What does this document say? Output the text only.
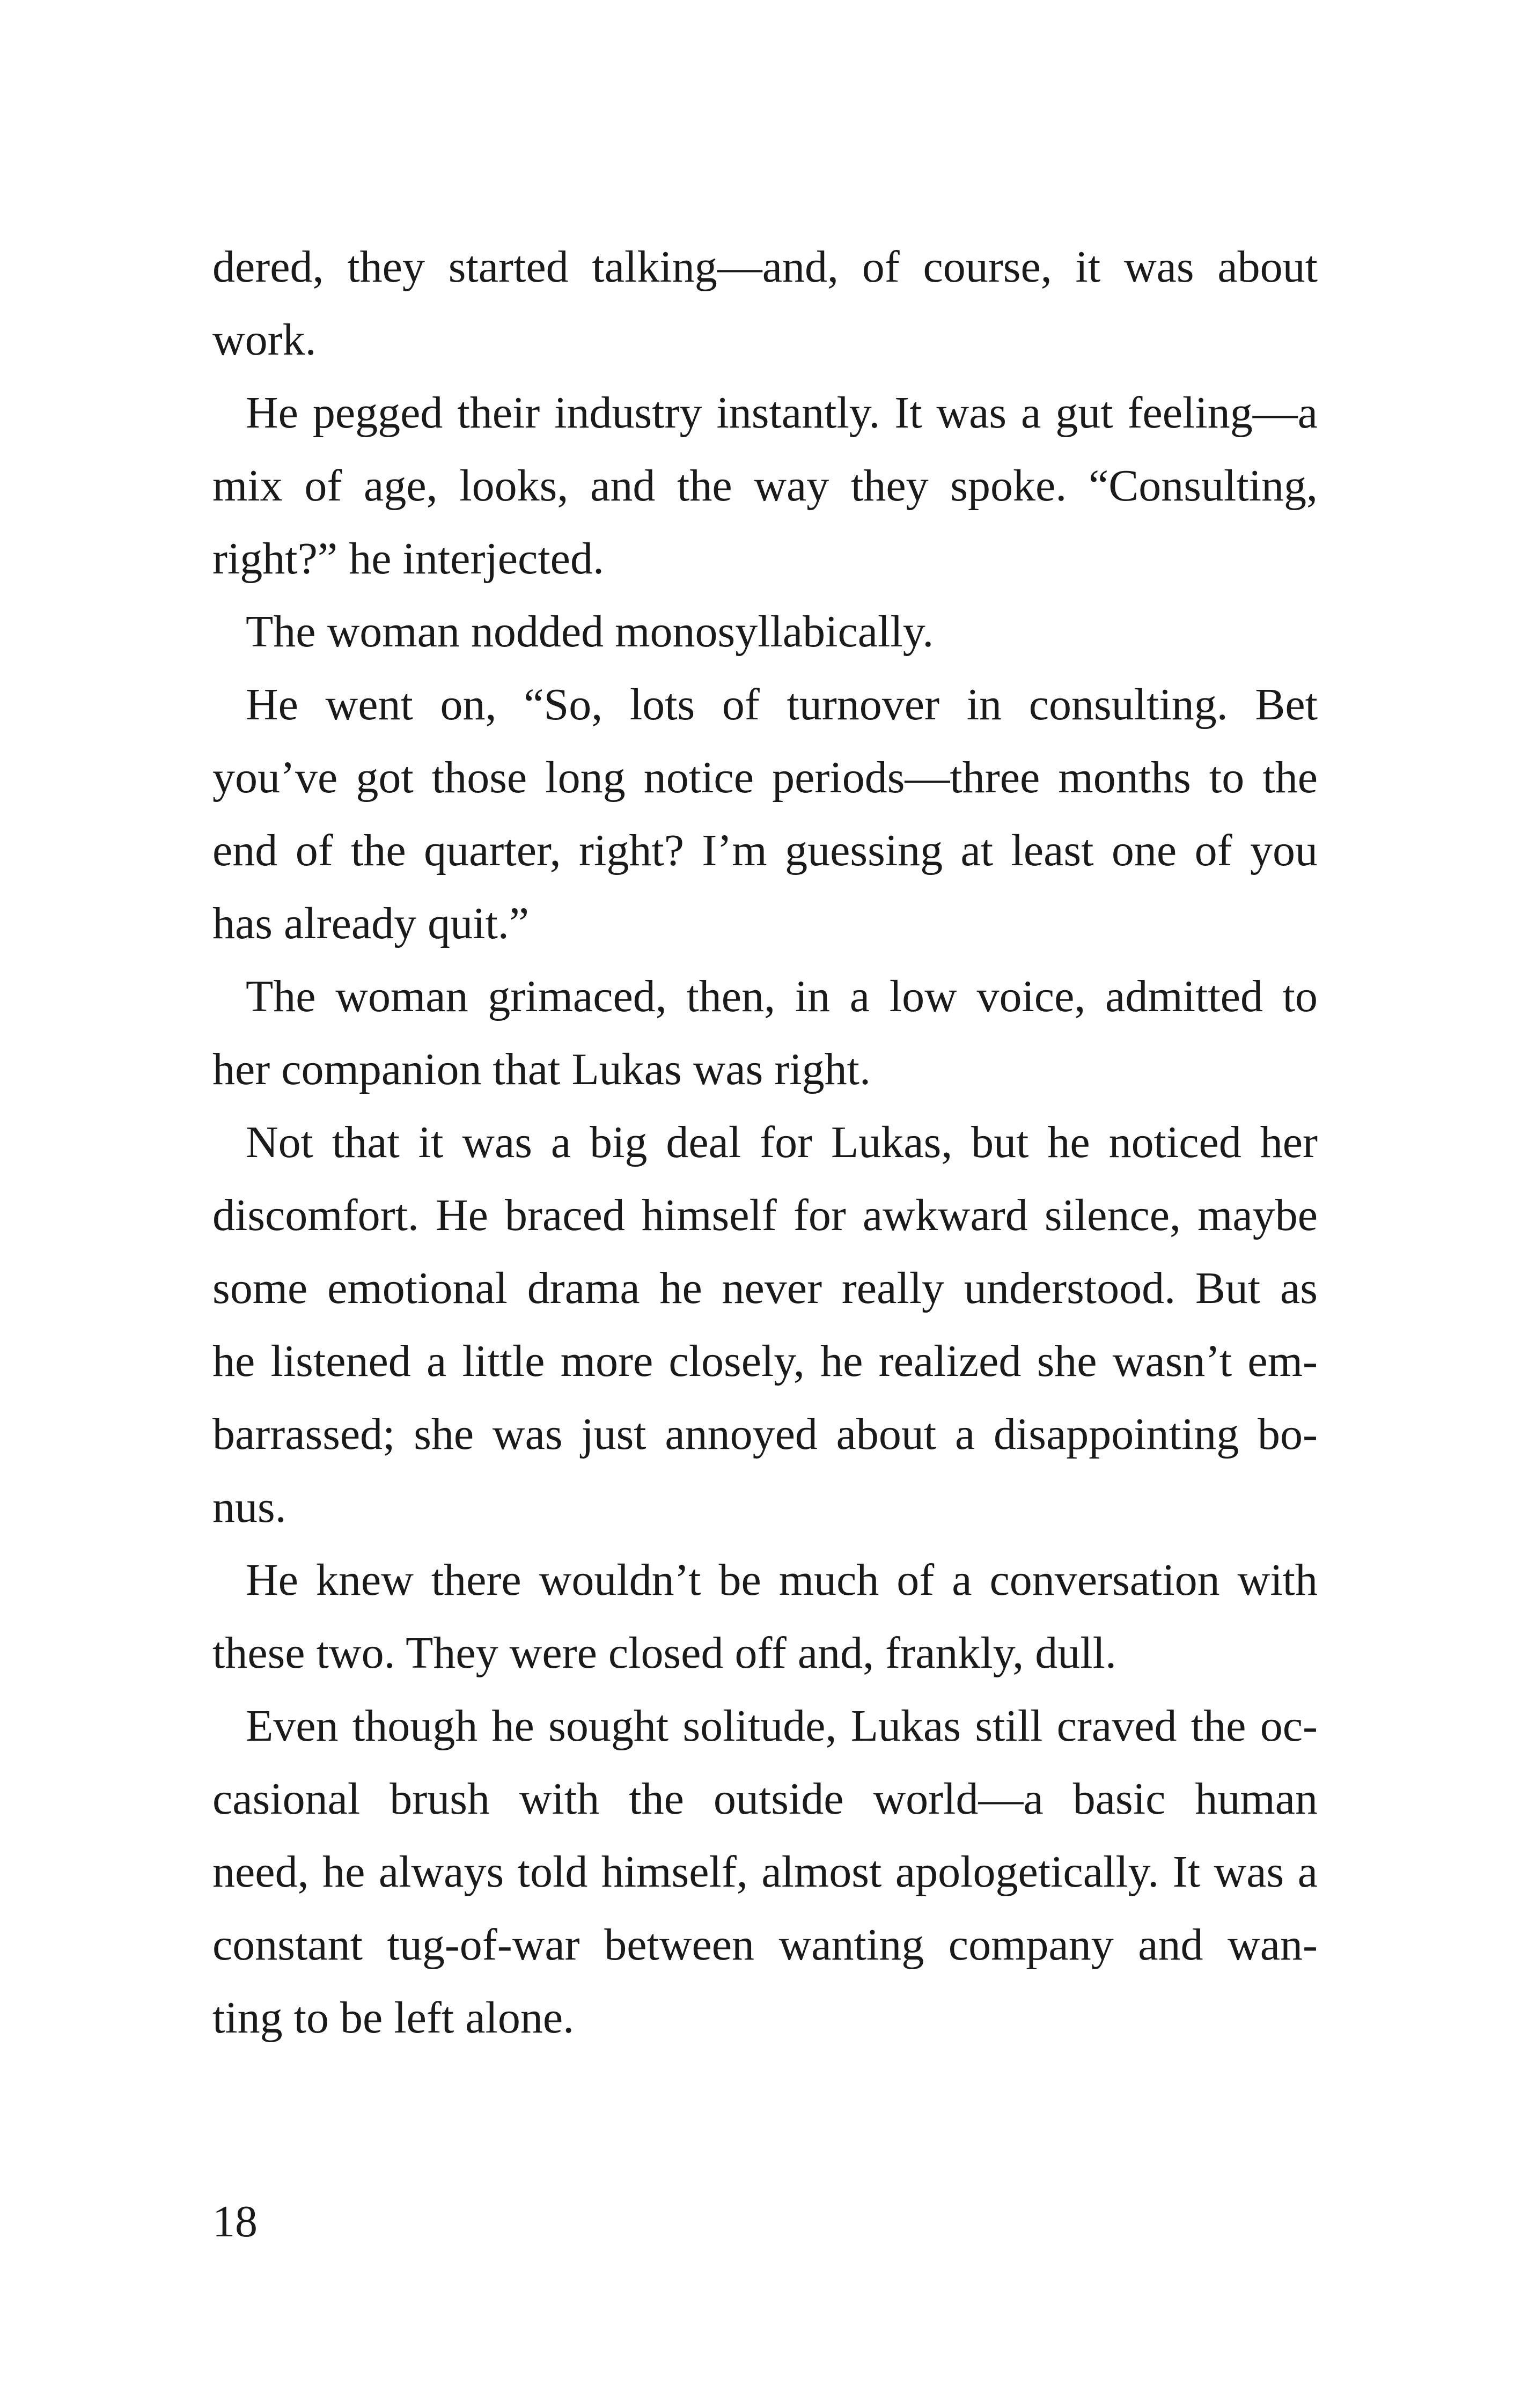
dered, they started talking—and, of course, it was about
work.
He pegged their industry instantly. It was a gut feeling—a
mix of age, looks, and the way they spoke. “Consulting,
right?” he interjected.
The woman nodded monosyllabically.
He went on, “So, lots of turnover in consulting. Bet
you’ve got those long notice periods—three months to the
end of the quarter, right? I’m guessing at least one of you
has already quit.”
The woman grimaced, then, in a low voice, admitted to
her companion that Lukas was right.
Not that it was a big deal for Lukas, but he noticed her
discomfort. He braced himself for awkward silence, maybe
some emotional drama he never really understood. But as
he listened a little more closely, he realized she wasn’t em-
barrassed; she was just annoyed about a disappointing bo-
nus.
He knew there wouldn’t be much of a conversation with
these two. They were closed off and, frankly, dull.
Even though he sought solitude, Lukas still craved the oc-
casional brush with the outside world—a basic human
need, he always told himself, almost apologetically. It was a
constant tug-of-war between wanting company and wan-
ting to be left alone.
18
